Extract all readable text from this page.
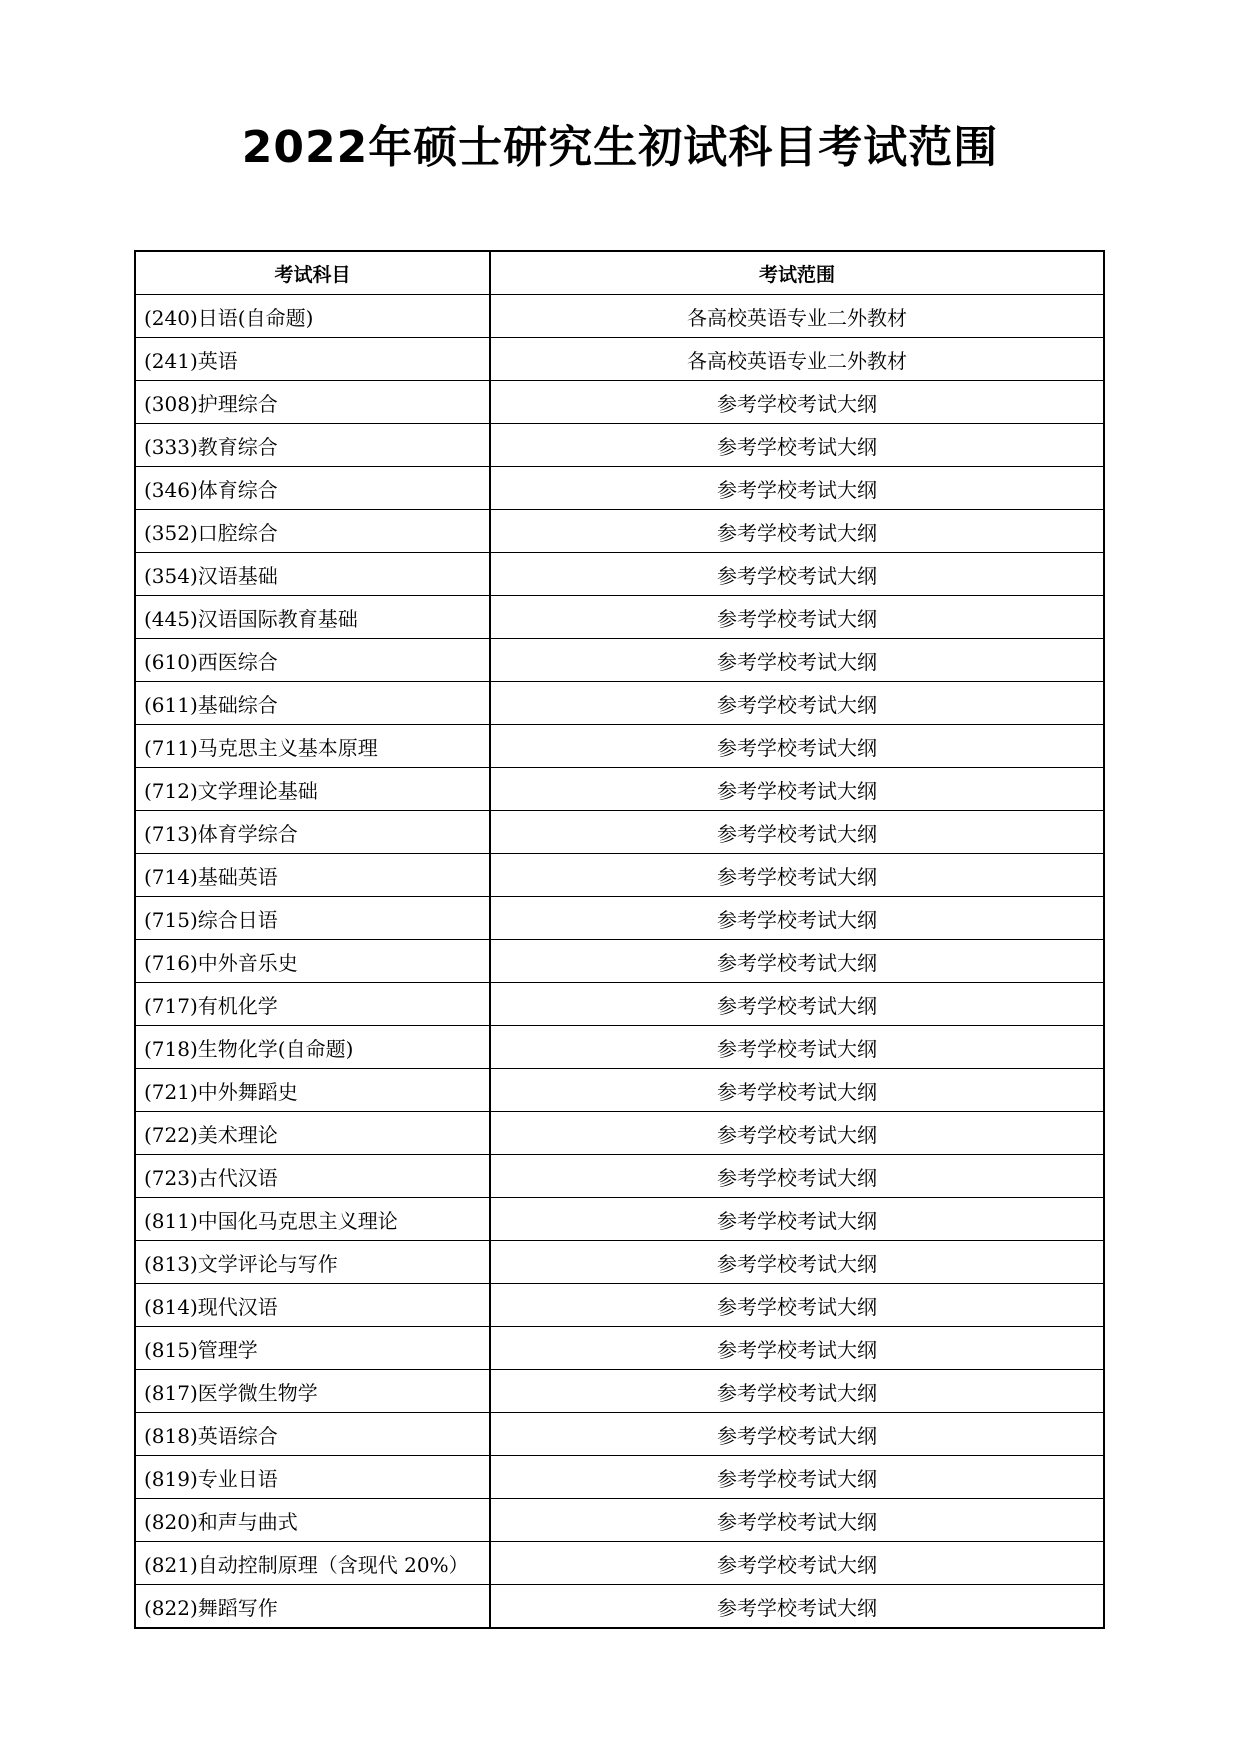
2022年硕士研究生初试科目考试范围
考试科目	考试范围
(240)日语(自命题)	各高校英语专业二外教材
(241)英语	各高校英语专业二外教材
(308)护理综合	参考学校考试大纲
(333)教育综合	参考学校考试大纲
(346)体育综合	参考学校考试大纲
(352)口腔综合	参考学校考试大纲
(354)汉语基础	参考学校考试大纲
(445)汉语国际教育基础	参考学校考试大纲
(610)西医综合	参考学校考试大纲
(611)基础综合	参考学校考试大纲
(711)马克思主义基本原理	参考学校考试大纲
(712)文学理论基础	参考学校考试大纲
(713)体育学综合	参考学校考试大纲
(714)基础英语	参考学校考试大纲
(715)综合日语	参考学校考试大纲
(716)中外音乐史	参考学校考试大纲
(717)有机化学	参考学校考试大纲
(718)生物化学(自命题)	参考学校考试大纲
(721)中外舞蹈史	参考学校考试大纲
(722)美术理论	参考学校考试大纲
(723)古代汉语	参考学校考试大纲
(811)中国化马克思主义理论	参考学校考试大纲
(813)文学评论与写作	参考学校考试大纲
(814)现代汉语	参考学校考试大纲
(815)管理学	参考学校考试大纲
(817)医学微生物学	参考学校考试大纲
(818)英语综合	参考学校考试大纲
(819)专业日语	参考学校考试大纲
(820)和声与曲式	参考学校考试大纲
(821)自动控制原理（含现代 20%）	参考学校考试大纲
(822)舞蹈写作	参考学校考试大纲
